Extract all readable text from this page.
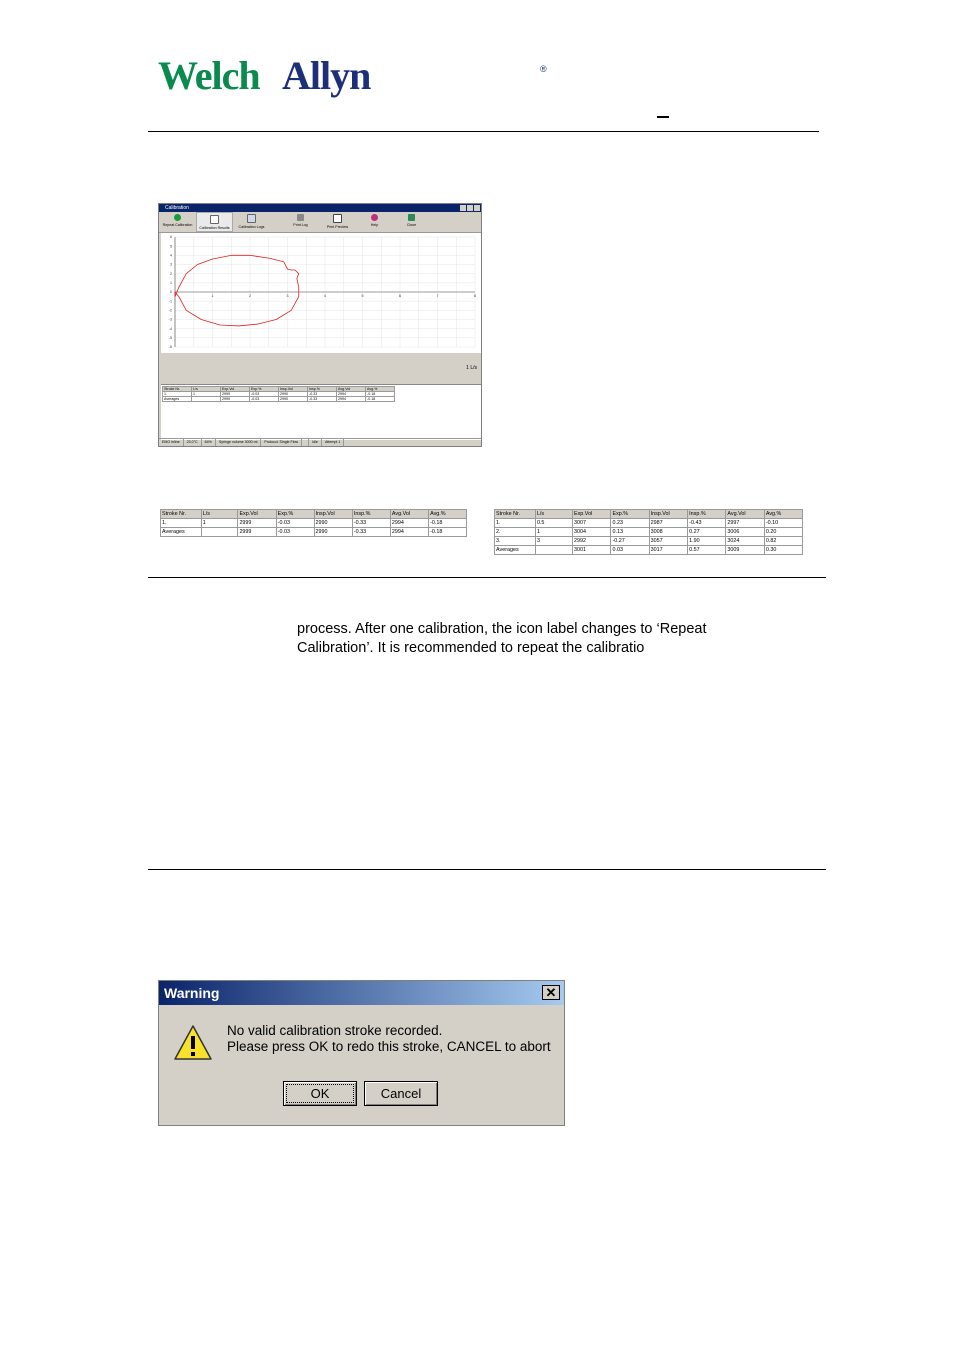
Welch Allyn	®
Calibration
Repeat Calibration
Calibration Results	Calibration Logs	Print Log	Print Preview	Help	Close
1	2	3	4	5	6	7	8
6
5
4
3
2
1
0
-1
-2
-3
-4
-5
-6
1 L/s
Stroke Nr.	L/s	Exp.Vol	Exp.%	Insp.Vol	Insp.%	Avg.Vol	Avg.%
1.	1	2999	-0.03	2990	-0.33	2994	-0.18
Averages		2999	-0.03	2990	-0.33	2994	-0.18
EMO inline	23.0°C	64%	Syringe volume 3000 ml	Protocol: Single Flow	Idle	Attempt 1
Stroke Nr.	L/s	Exp.Vol	Exp.%	Insp.Vol	Insp.%	Avg.Vol	Avg.%
1.	1	2999	-0.03	2990	-0.33	2994	-0.18
Averages		2999	-0.03	2990	-0.33	2994	-0.18
Stroke Nr.	L/s	Exp.Vol	Exp.%	Insp.Vol	Insp.%	Avg.Vol	Avg.%
1.	0.5	3007	0.23	2987	-0.43	2997	-0.10
2.	1	3004	0.13	3008	0.27	3006	0.20
3.	3	2992	-0.27	3057	1.90	3024	0.82
Averages		3001	0.03	3017	0.57	3009	0.30
process. After one calibration, the icon label changes to ‘Repeat
Calibration’. It is recommended to repeat the calibratio
Warning	✕
No valid calibration stroke recorded.
Please press OK to redo this stroke, CANCEL to abort
OK	Cancel
